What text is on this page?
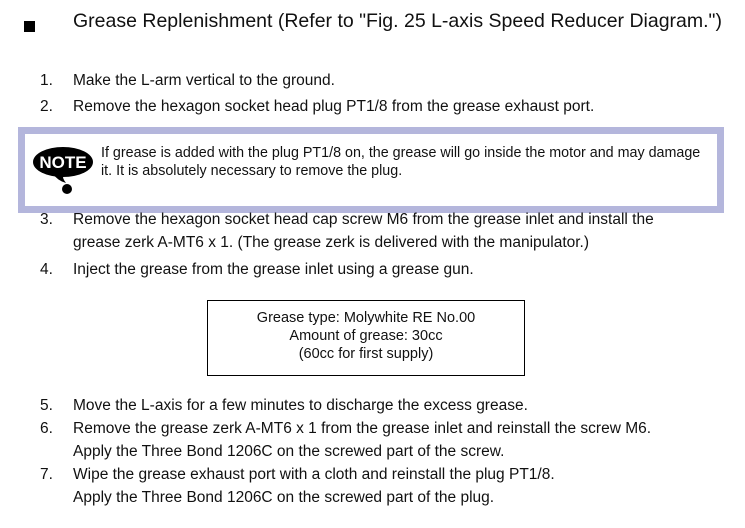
Grease Replenishment (Refer to "Fig. 25 L-axis Speed Reducer Diagram.")
1.	Make the L-arm vertical to the ground.
2.	Remove the hexagon socket head plug PT1/8 from the grease exhaust port.
NOTE If grease is added with the plug PT1/8 on, the grease will go inside the motor and may damage it. It is absolutely necessary to remove the plug.
3.	Remove the hexagon socket head cap screw M6 from the grease inlet and install the
grease zerk A-MT6 x 1. (The grease zerk is delivered with the manipulator.)
4.	Inject the grease from the grease inlet using a grease gun.
Grease type: Molywhite RE No.00
Amount of grease: 30cc
(60cc for first supply)
5.	Move the L-axis for a few minutes to discharge the excess grease.
6.	Remove the grease zerk A-MT6 x 1 from the grease inlet and reinstall the screw M6.
Apply the Three Bond 1206C on the screwed part of the screw.
7.	Wipe the grease exhaust port with a cloth and reinstall the plug PT1/8.
Apply the Three Bond 1206C on the screwed part of the plug.
